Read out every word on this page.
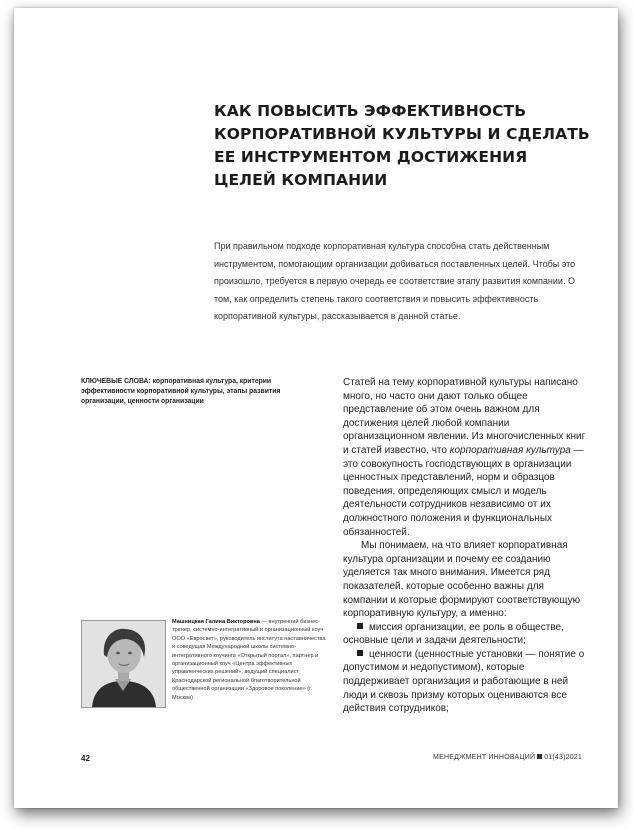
КАК ПОВЫСИТЬ ЭФФЕКТИВНОСТЬ КОРПОРАТИВНОЙ КУЛЬТУРЫ И СДЕЛАТЬ ЕЕ ИНСТРУМЕНТОМ ДОСТИЖЕНИЯ ЦЕЛЕЙ КОМПАНИИ

При правильном подходе корпоративная культура способна стать действенным инструментом, помогающим организации добиваться поставленных целей. Чтобы это произошло, требуется в первую очередь ее соответствие этапу развития компании. О том, как определить степень такого соответствия и повысить эффективность корпоративной культуры, рассказывается в данной статье.

КЛЮЧЕВЫЕ СЛОВА: корпоративная культура, критерии эффективности корпоративной культуры, этапы развития организации, ценности организации

Статей на тему корпоративной культуры написано много, но часто они дают только общее представление об этом очень важном для достижения целей любой компании организационном явлении. Из многочисленных книг и статей известно, что корпоративная культура — это совокупность господствующих в организации ценностных представлений, норм и образцов поведения, определяющих смысл и модель деятельности сотрудников независимо от их должностного положения и функциональных обязанностей.

Мы понимаем, на что влияет корпоративная культура организации и почему ее созданию уделяется так много внимания. Имеется ряд показателей, которые особенно важны для компании и которые формируют соответствующую корпоративную культуру, а именно:

миссия организации, ее роль в обществе, основные цели и задачи деятельности;

ценности (ценностные установки — понятие о допустимом и недопустимом), которые поддерживает организация и работающие в ней люди и сквозь призму которых оцениваются все действия сотрудников;

Машницкая Галина Викторовна — внутренний бизнес-тренер, системно-интегративный и организационный коуч ООО «Евросвет», руководитель института наставничества и соведущая Международной школы системно-интегративного коучинга «Открытый портал», партнер и организационный коуч «Центра эффективных управленческих решений», ведущий специалист Краснодарской региональной благотворительной общественной организации «Здоровое поколение» (г. Москва)

42	МЕНЕДЖМЕНТ ИННОВАЦИЙ 01(43)2021
